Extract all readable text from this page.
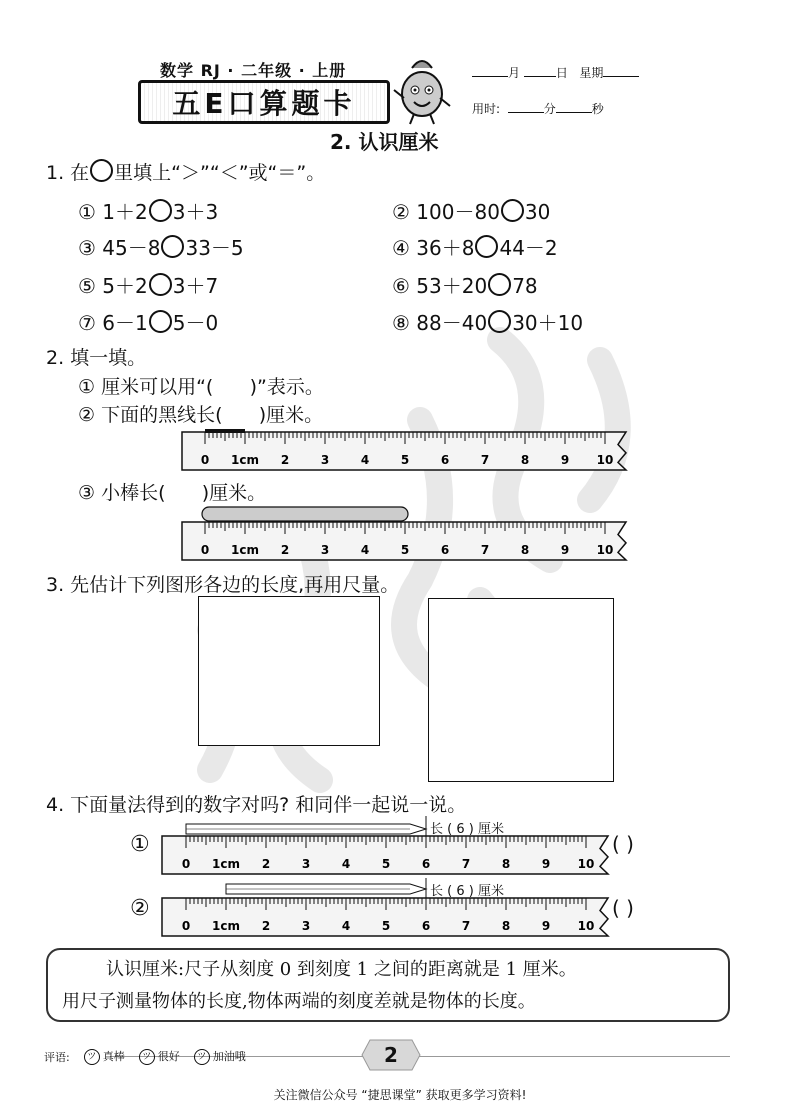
数学 RJ · 二年级 · 上册
五E口算题卡
月	日 星期
用时:	分	秒
2. 认识厘米
1. 在 里填上“＞”“＜”或“＝”。
① 1＋2 3＋3	② 100－80 30
③ 45－8 33－5	④ 36＋8 44－2
⑤ 5＋2 3＋7	⑥ 53＋20 78
⑦ 6－1 5－0	⑧ 88－40 30＋10
2. 填一填。
① 厘米可以用“( )”表示。
② 下面的黑线长( )厘米。
③ 小棒长( )厘米。
0 1cm 2	3	4	5	6	7	8	9 10
0 1cm 2	3	4	5	6	7	8	9 10
0 1cm 2	3	4	5	6	7	8	9 10
0 1cm 2	3	4	5	6	7	8	9 10
3. 先估计下列图形各边的长度,再用尺量。
4. 下面量法得到的数字对吗? 和同伴一起说一说。
①
②
长 ( 6 ) 厘米
长 ( 6 ) 厘米
( )
( )
认识厘米:尺子从刻度 0 到刻度 1 之间的距离就是 1 厘米。
用尺子测量物体的长度,物体两端的刻度差就是物体的长度。
评语:	ツ 真棒	ツ 很好	ツ 加油哦	2
关注微信公众号 “捷思课堂” 获取更多学习资料!
